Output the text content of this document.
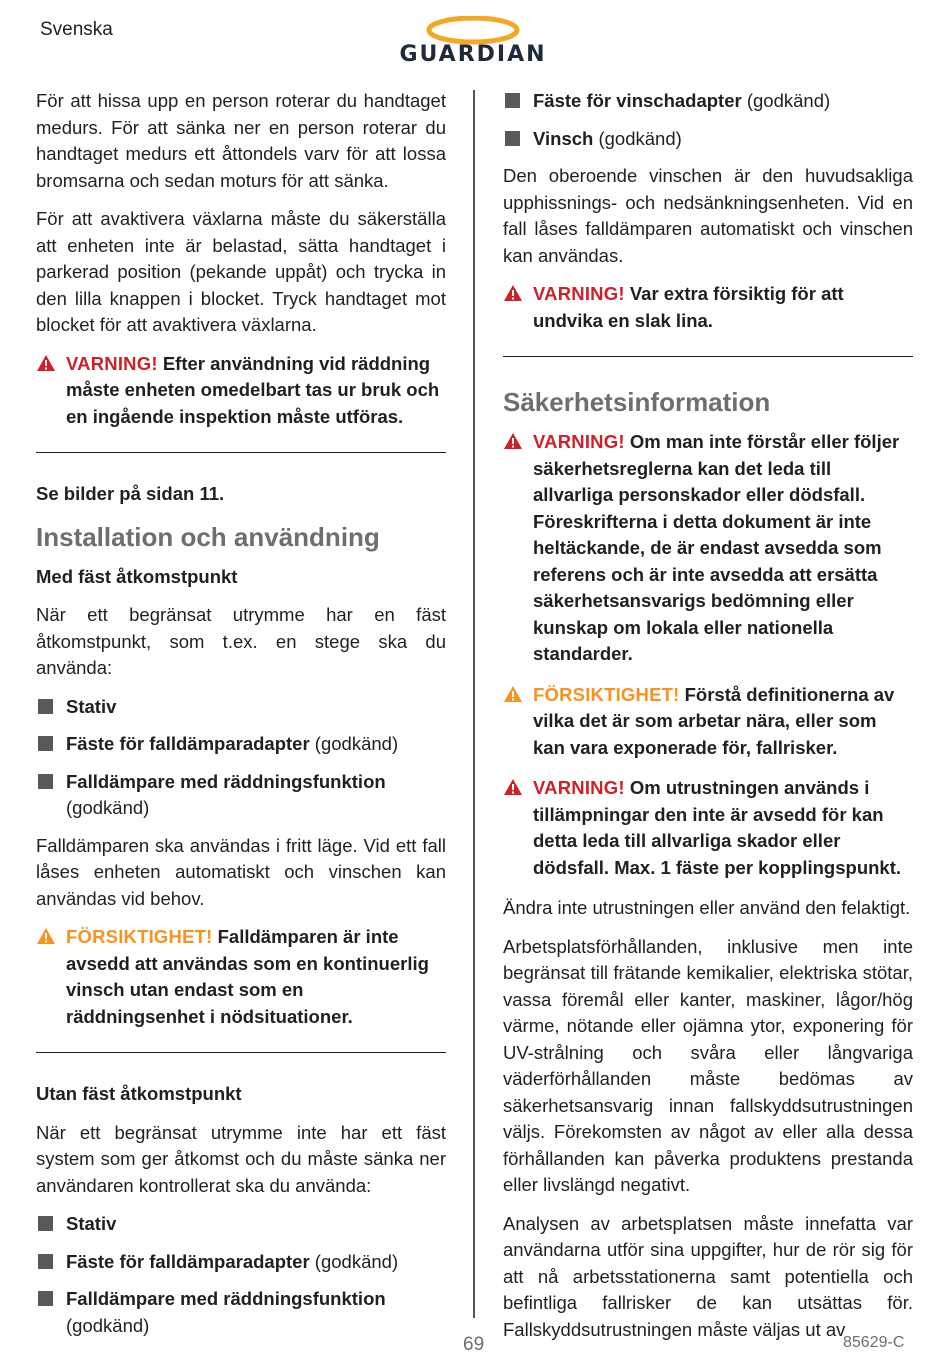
Svenska
GUARDIAN

För att hissa upp en person roterar du handtaget medurs. För att sänka ner en person roterar du handtaget medurs ett åttondels varv för att lossa bromsarna och sedan moturs för att sänka.

För att avaktivera växlarna måste du säkerställa att enheten inte är belastad, sätta handtaget i parkerad position (pekande uppåt) och trycka in den lilla knappen i blocket. Tryck handtaget mot blocket för att avaktivera växlarna.

VARNING! Efter användning vid räddning måste enheten omedelbart tas ur bruk och en ingående inspektion måste utföras.

Se bilder på sidan 11.

Installation och användning
Med fäst åtkomstpunkt

När ett begränsat utrymme har en fäst åtkomstpunkt, som t.ex. en stege ska du använda:

Stativ
Fäste för falldämparadapter (godkänd)
Falldämpare med räddningsfunktion (godkänd)

Falldämparen ska användas i fritt läge. Vid ett fall låses enheten automatiskt och vinschen kan användas vid behov.

FÖRSIKTIGHET! Falldämparen är inte avsedd att användas som en kontinuerlig vinsch utan endast som en räddningsenhet i nödsituationer.
Utan fäst åtkomstpunkt

När ett begränsat utrymme inte har ett fäst system som ger åtkomst och du måste sänka ner användaren kontrollerat ska du använda:

Stativ
Fäste för falldämparadapter (godkänd)
Falldämpare med räddningsfunktion (godkänd)
Fäste för vinschadapter (godkänd)
Vinsch (godkänd)

Den oberoende vinschen är den huvudsakliga upphissnings- och nedsänkningsenheten. Vid en fall låses falldämparen automatiskt och vinschen kan användas.

VARNING! Var extra försiktig för att undvika en slak lina.
Säkerhetsinformation
VARNING! Om man inte förstår eller följer säkerhetsreglerna kan det leda till allvarliga personskador eller dödsfall. Föreskrifterna i detta dokument är inte heltäckande, de är endast avsedda som referens och är inte avsedda att ersätta säkerhetsansvarigs bedömning eller kunskap om lokala eller nationella standarder.
FÖRSIKTIGHET! Förstå definitionerna av vilka det är som arbetar nära, eller som kan vara exponerade för, fallrisker.
VARNING! Om utrustningen används i tillämpningar den inte är avsedd för kan detta leda till allvarliga skador eller dödsfall. Max. 1 fäste per kopplingspunkt.

Ändra inte utrustningen eller använd den felaktigt.

Arbetsplatsförhållanden, inklusive men inte begränsat till frätande kemikalier, elektriska stötar, vassa föremål eller kanter, maskiner, lågor/hög värme, nötande eller ojämna ytor, exponering för UV-strålning och svåra eller långvariga väderförhållanden måste bedömas av säkerhetsansvarig innan fallskyddsutrustningen väljs. Förekomsten av något av eller alla dessa förhållanden kan påverka produktens prestanda eller livslängd negativt.

Analysen av arbetsplatsen måste innefatta var användarna utför sina uppgifter, hur de rör sig för att nå arbetsstationerna samt potentiella och befintliga fallrisker de kan utsättas för. Fallskyddsutrustningen måste väljas ut av

69	85629-C
